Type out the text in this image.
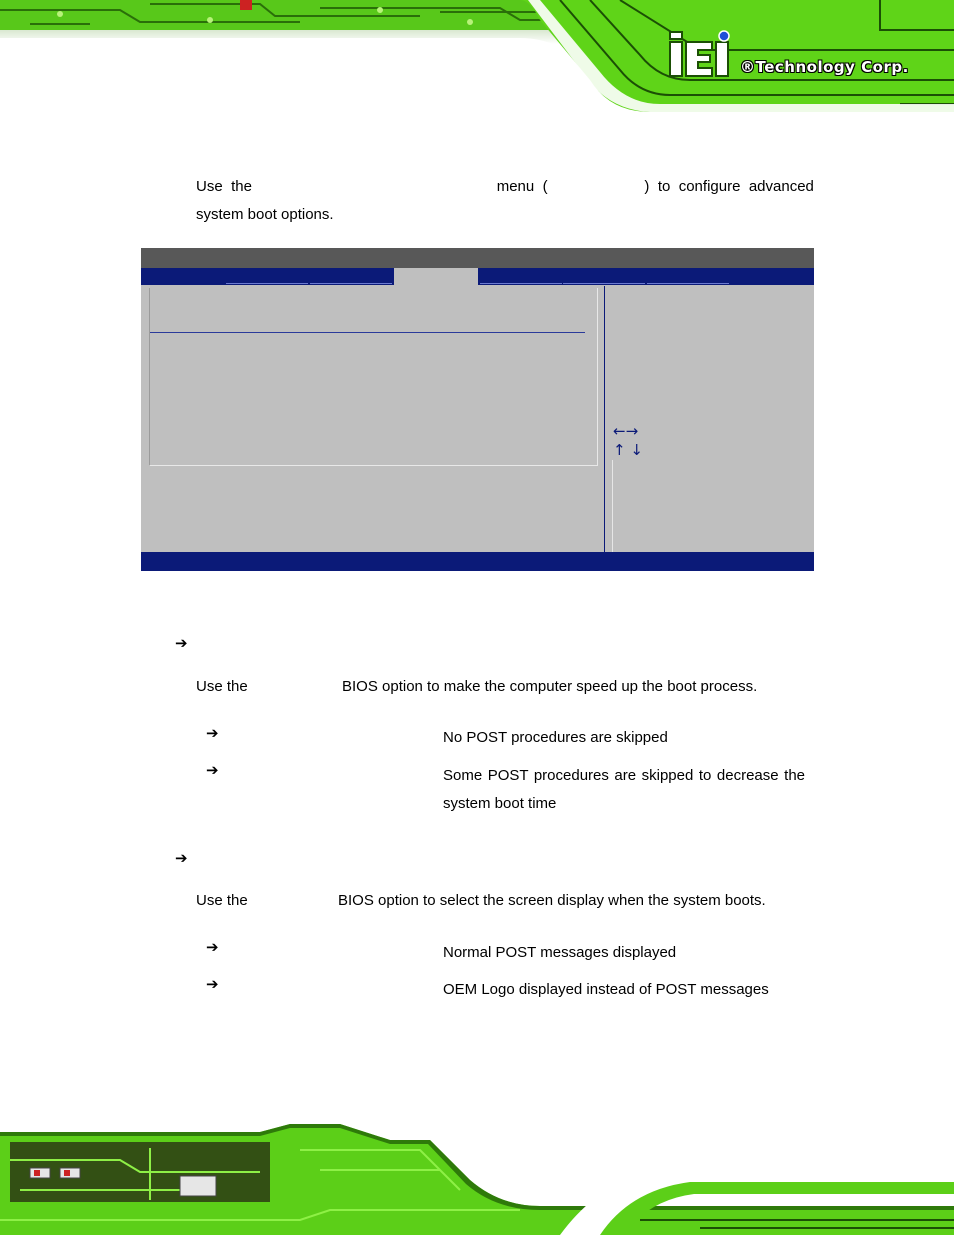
®Technology Corp.
Use the	menu (	) to configure advanced
system boot options.
←→
↑ ↓
➔
Use the	BIOS option to make the computer speed up the boot process.
➔	No POST procedures are skipped
➔	Some POST procedures are skipped to decrease the system boot time
➔
Use the	BIOS option to select the screen display when the system boots.
➔	Normal POST messages displayed
➔	OEM Logo displayed instead of POST messages
